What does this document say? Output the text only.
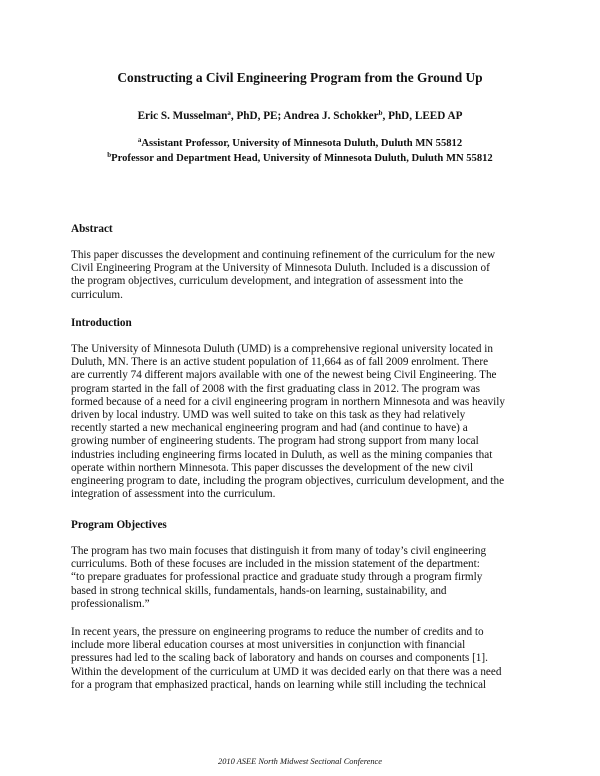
Constructing a Civil Engineering Program from the Ground Up
Eric S. Musselman$^a$, PhD, PE; Andrea J. Schokker$^b$, PhD, LEED AP
$^a$Assistant Professor, University of Minnesota Duluth, Duluth MN 55812
$^b$Professor and Department Head, University of Minnesota Duluth, Duluth MN 55812
Abstract
This paper discusses the development and continuing refinement of the curriculum for the new
Civil Engineering Program at the University of Minnesota Duluth. Included is a discussion of
the program objectives, curriculum development, and integration of assessment into the
curriculum.
Introduction
The University of Minnesota Duluth (UMD) is a comprehensive regional university located in
Duluth, MN. There is an active student population of 11,664 as of fall 2009 enrolment. There
are currently 74 different majors available with one of the newest being Civil Engineering. The
program started in the fall of 2008 with the first graduating class in 2012. The program was
formed because of a need for a civil engineering program in northern Minnesota and was heavily
driven by local industry. UMD was well suited to take on this task as they had relatively
recently started a new mechanical engineering program and had (and continue to have) a
growing number of engineering students. The program had strong support from many local
industries including engineering firms located in Duluth, as well as the mining companies that
operate within northern Minnesota. This paper discusses the development of the new civil
engineering program to date, including the program objectives, curriculum development, and the
integration of assessment into the curriculum.
Program Objectives
The program has two main focuses that distinguish it from many of today’s civil engineering
curriculums. Both of these focuses are included in the mission statement of the department:
“to prepare graduates for professional practice and graduate study through a program firmly
based in strong technical skills, fundamentals, hands-on learning, sustainability, and
professionalism.”
In recent years, the pressure on engineering programs to reduce the number of credits and to
include more liberal education courses at most universities in conjunction with financial
pressures had led to the scaling back of laboratory and hands on courses and components [1].
Within the development of the curriculum at UMD it was decided early on that there was a need
for a program that emphasized practical, hands on learning while still including the technical
2010 ASEE North Midwest Sectional Conference
